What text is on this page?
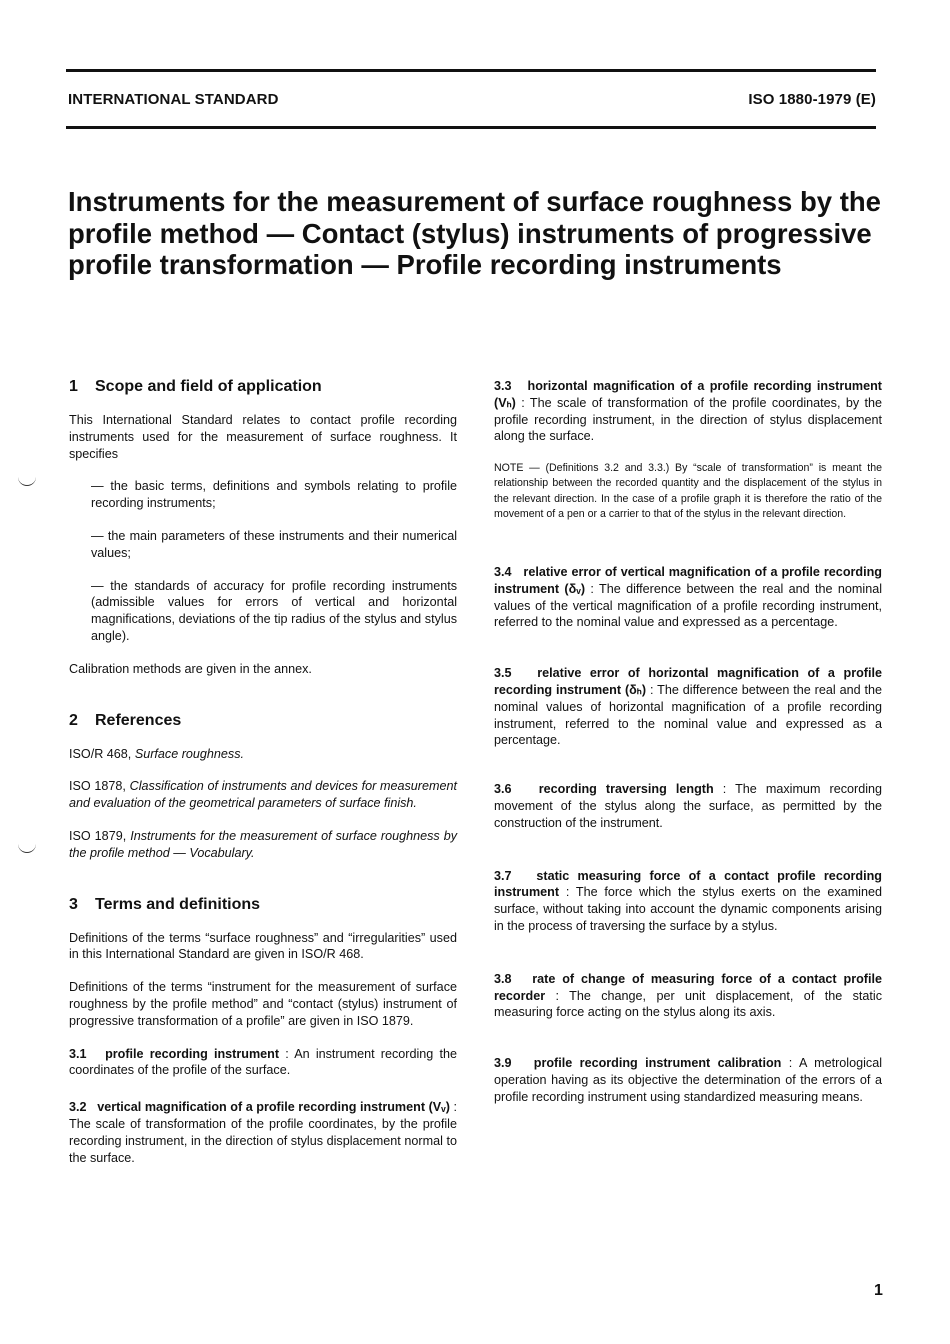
INTERNATIONAL STANDARD	ISO 1880-1979 (E)
Instruments for the measurement of surface roughness by the profile method — Contact (stylus) instruments of progressive profile transformation — Profile recording instruments
1 Scope and field of application

This International Standard relates to contact profile recording instruments used for the measurement of surface roughness. It specifies

— the basic terms, definitions and symbols relating to profile recording instruments;

— the main parameters of these instruments and their numerical values;

— the standards of accuracy for profile recording instruments (admissible values for errors of vertical and horizontal magnifications, deviations of the tip radius of the stylus and stylus angle).

Calibration methods are given in the annex.

2 References

ISO/R 468, Surface roughness.

ISO 1878, Classification of instruments and devices for measurement and evaluation of the geometrical parameters of surface finish.

ISO 1879, Instruments for the measurement of surface roughness by the profile method — Vocabulary.

3 Terms and definitions

Definitions of the terms “surface roughness” and “irregularities” used in this International Standard are given in ISO/R 468.

Definitions of the terms “instrument for the measurement of surface roughness by the profile method” and “contact (stylus) instrument of progressive transformation of a profile” are given in ISO 1879.

3.1 profile recording instrument : An instrument recording the coordinates of the profile of the surface.

3.2 vertical magnification of a profile recording instrument (Vᵥ) : The scale of transformation of the profile coordinates, by the profile recording instrument, in the direction of stylus displacement normal to the surface.

3.3 horizontal magnification of a profile recording instrument (Vₕ) : The scale of transformation of the profile coordinates, by the profile recording instrument, in the direction of stylus displacement along the surface.

NOTE — (Definitions 3.2 and 3.3.) By “scale of transformation” is meant the relationship between the recorded quantity and the displacement of the stylus in the relevant direction. In the case of a profile graph it is therefore the ratio of the movement of a pen or a carrier to that of the stylus in the relevant direction.

3.4 relative error of vertical magnification of a profile recording instrument (δᵥ) : The difference between the real and the nominal values of the vertical magnification of a profile recording instrument, referred to the nominal value and expressed as a percentage.

3.5 relative error of horizontal magnification of a profile recording instrument (δₕ) : The difference between the real and the nominal values of horizontal magnification of a profile recording instrument, referred to the nominal value and expressed as a percentage.

3.6 recording traversing length : The maximum recording movement of the stylus along the surface, as permitted by the construction of the instrument.

3.7 static measuring force of a contact profile recording instrument : The force which the stylus exerts on the examined surface, without taking into account the dynamic components arising in the process of traversing the surface by a stylus.

3.8 rate of change of measuring force of a contact profile recorder : The change, per unit displacement, of the static measuring force acting on the stylus along its axis.

3.9 profile recording instrument calibration : A metrological operation having as its objective the determination of the errors of a profile recording instrument using standardized measuring means.

1
